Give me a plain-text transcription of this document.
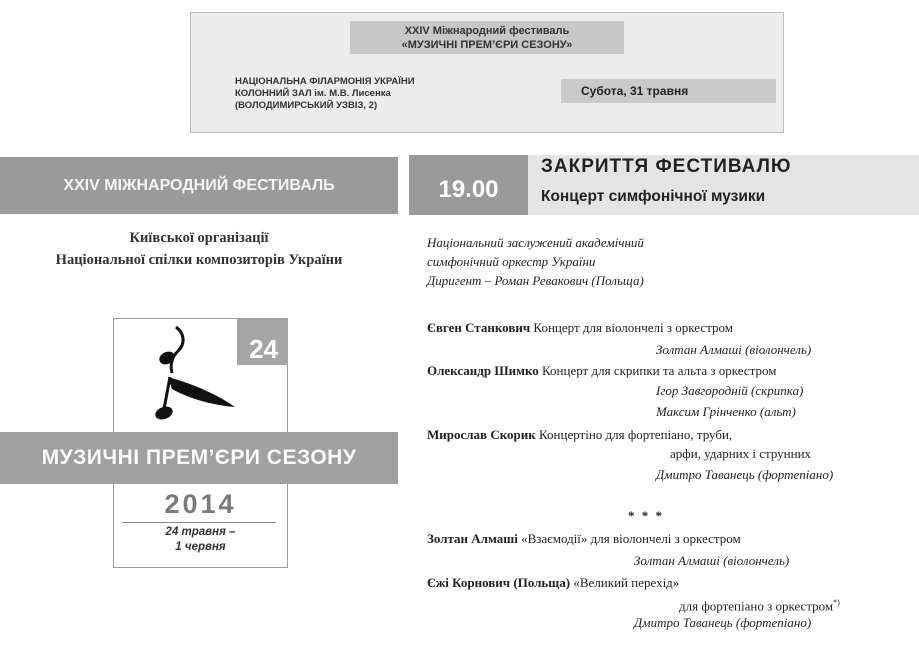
XXIV Міжнародний фестиваль
«МУЗИЧНІ ПРЕМ’ЄРИ СЕЗОНУ»
НАЦІОНАЛЬНА ФІЛАРМОНІЯ УКРАЇНИ
КОЛОННИЙ ЗАЛ ім. М.В. Лисенка
(ВОЛОДИМИРСЬКИЙ УЗВІЗ, 2)
Субота, 31 травня
XXIV МІЖНАРОДНИЙ ФЕСТИВАЛЬ
Київської організації
Національної спілки композиторів України
24
МУЗИЧНІ ПРЕМ’ЄРИ СЕЗОНУ
2014
24 травня –
1 червня
19.00
ЗАКРИТТЯ ФЕСТИВАЛЮ
Концерт симфонічної музики
Національний заслужений академічний
симфонічний оркестр України
Диригент – Роман Ревакович (Польща)
Євген Станкович Концерт для віолончелі з оркестром
Золтан Алмаші (віолончель)
Олександр Шимко Концерт для скрипки та альта з оркестром
Ігор Завгородній (скрипка)
Максим Грінченко (альт)
Мирослав Скорик Концертіно для фортепіано, труби,
арфи, ударних і струнних
Дмитро Таванець (фортепіано)
* * *
Золтан Алмаші «Взаємодії» для віолончелі з оркестром
Золтан Алмаші (віолончель)
Єжі Корнович (Польща) «Великий перехід»
для фортепіано з оркестром*)
Дмитро Таванець (фортепіано)
